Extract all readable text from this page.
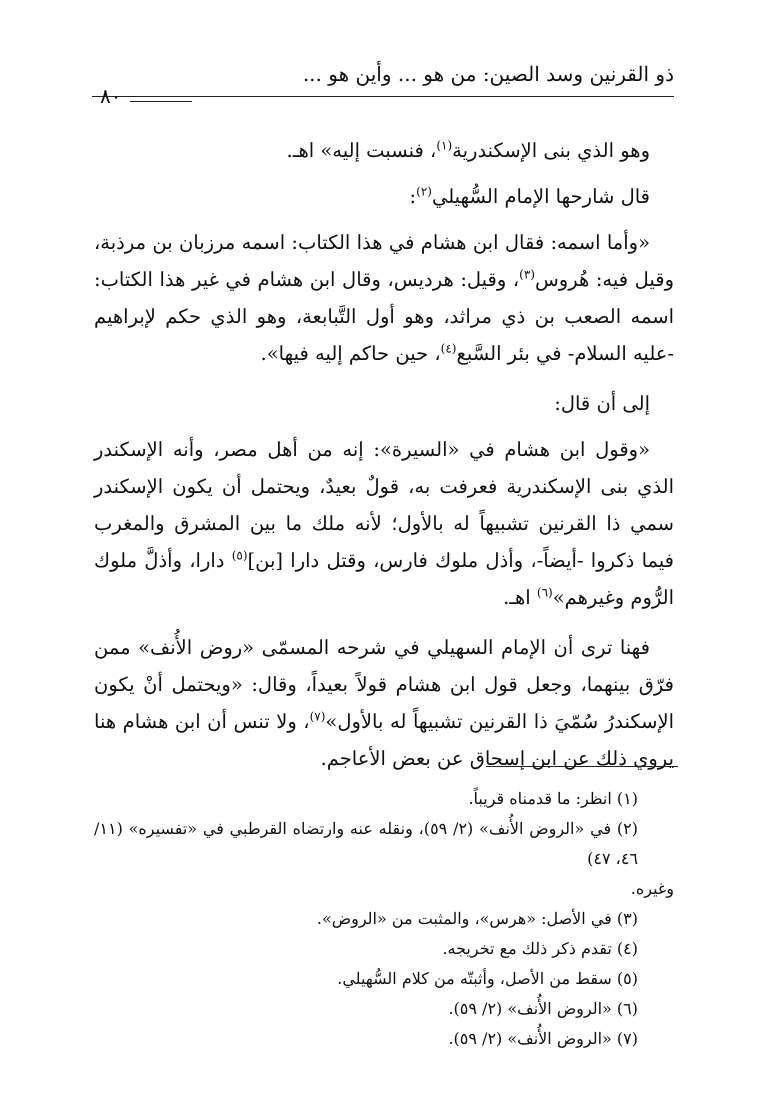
ذو القرنين وسد الصين: من هو ... وأين هو ...
٨٠

وهو الذي بنى الإسكندرية$^{(١)}$، فنسبت إليه» اهـ.

قال شارحها الإمام السُّهيلي$^{(٢)}$:

«وأما اسمه: فقال ابن هشام في هذا الكتاب: اسمه مرزبان بن مرذبة، وقيل فيه: هُروس$^{(٣)}$، وقيل: هرديس، وقال ابن هشام في غير هذا الكتاب: اسمه الصعب بن ذي مراثد، وهو أول التَّبابعة، وهو الذي حكم لإبراهيم -عليه السلام- في بئر السَّبع$^{(٤)}$، حين حاكم إليه فيها».

إلى أن قال:

«وقول ابن هشام في «السيرة»: إنه من أهل مصر، وأنه الإسكندر الذي بنى الإسكندرية فعرفت به، قولٌ بعيدٌ، ويحتمل أن يكون الإسكندر سمي ذا القرنين تشبيهاً له بالأول؛ لأنه ملك ما بين المشرق والمغرب فيما ذكروا -أيضاً-، وأذل ملوك فارس، وقتل دارا [بن]$^{(٥)}$ دارا، وأذلَّ ملوك الرُّوم وغيرهم»$^{(٦)}$ اهـ.

فهنا ترى أن الإمام السهيلي في شرحه المسمّى «روض الأُنف» ممن فرّق بينهما، وجعل قول ابن هشام قولاً بعيداً، وقال: «ويحتمل أنْ يكون الإسكندرُ سُمّيَ ذا القرنين تشبيهاً له بالأول»$^{(٧)}$، ولا تنس أن ابن هشام هنا يروي ذلك عن ابن إسحاق عن بعض الأعاجم.

(١) انظر: ما قدمناه قريباً.

(٢) في «الروض الأُنف» (٢/ ٥٩)، ونقله عنه وارتضاه القرطبي في «تفسيره» (١١/ ٤٦، ٤٧)

وغيره.

(٣) في الأصل: «هرس»، والمثبت من «الروض».

(٤) تقدم ذكر ذلك مع تخريجه.

(٥) سقط من الأصل، وأثبتّه من كلام السُّهيلي.

(٦) «الروض الأُنف» (٢/ ٥٩).

(٧) «الروض الأُنف» (٢/ ٥٩).
